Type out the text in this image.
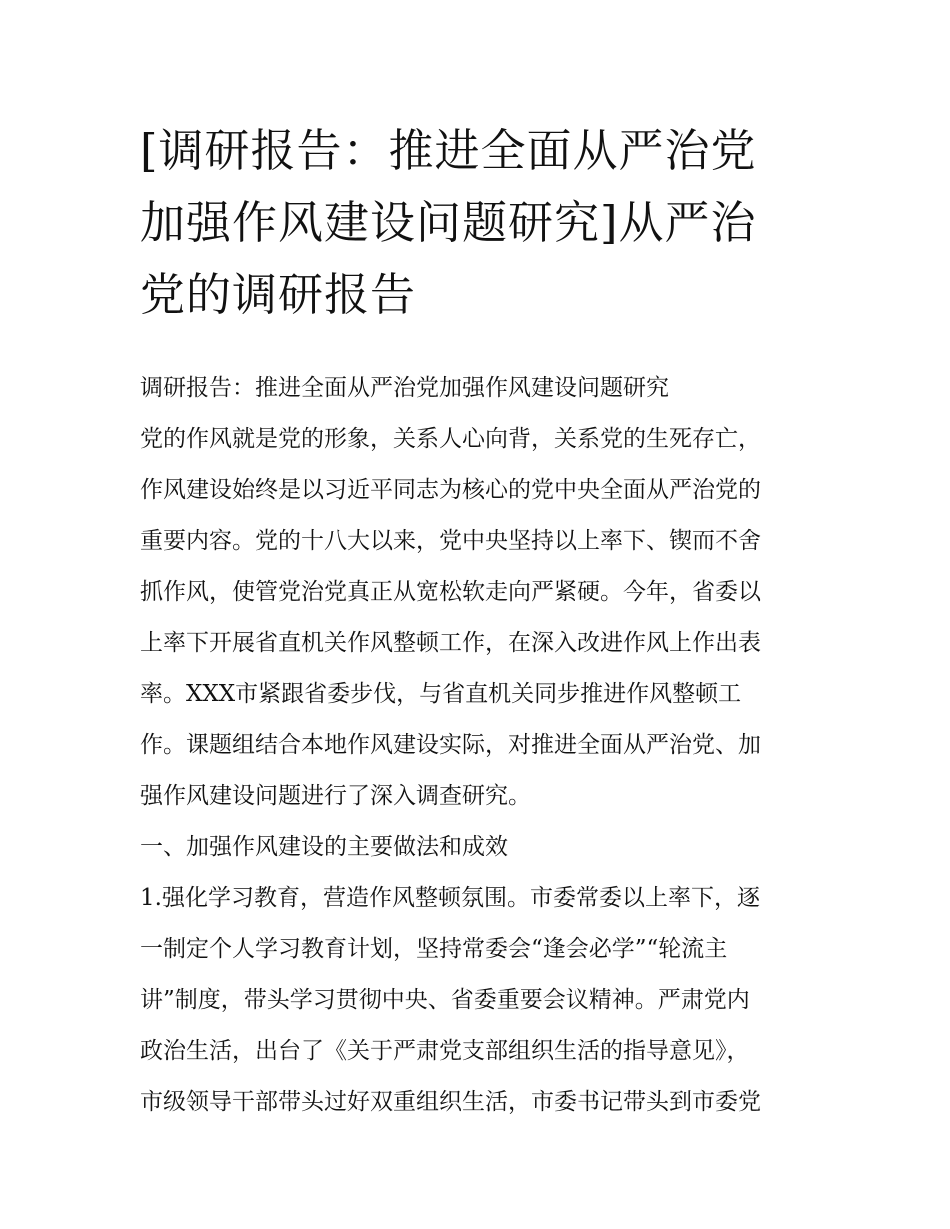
[调研报告：推进全面从严治党
加强作风建设问题研究]从严治
党的调研报告
调研报告：推进全面从严治党加强作风建设问题研究
党的作风就是党的形象，关系人心向背，关系党的生死存亡，
作风建设始终是以习近平同志为核心的党中央全面从严治党的
重要内容。党的十八大以来，党中央坚持以上率下、锲而不舍
抓作风，使管党治党真正从宽松软走向严紧硬。今年，省委以
上率下开展省直机关作风整顿工作，在深入改进作风上作出表
率。XXX市紧跟省委步伐，与省直机关同步推进作风整顿工
作。课题组结合本地作风建设实际，对推进全面从严治党、加
强作风建设问题进行了深入调查研究。
一、加强作风建设的主要做法和成效
1.强化学习教育，营造作风整顿氛围。市委常委以上率下，逐
一制定个人学习教育计划，坚持常委会“逢会必学”“轮流主
讲”制度，带头学习贯彻中央、省委重要会议精神。严肃党内
政治生活，出台了《关于严肃党支部组织生活的指导意见》，
市级领导干部带头过好双重组织生活，市委书记带头到市委党
